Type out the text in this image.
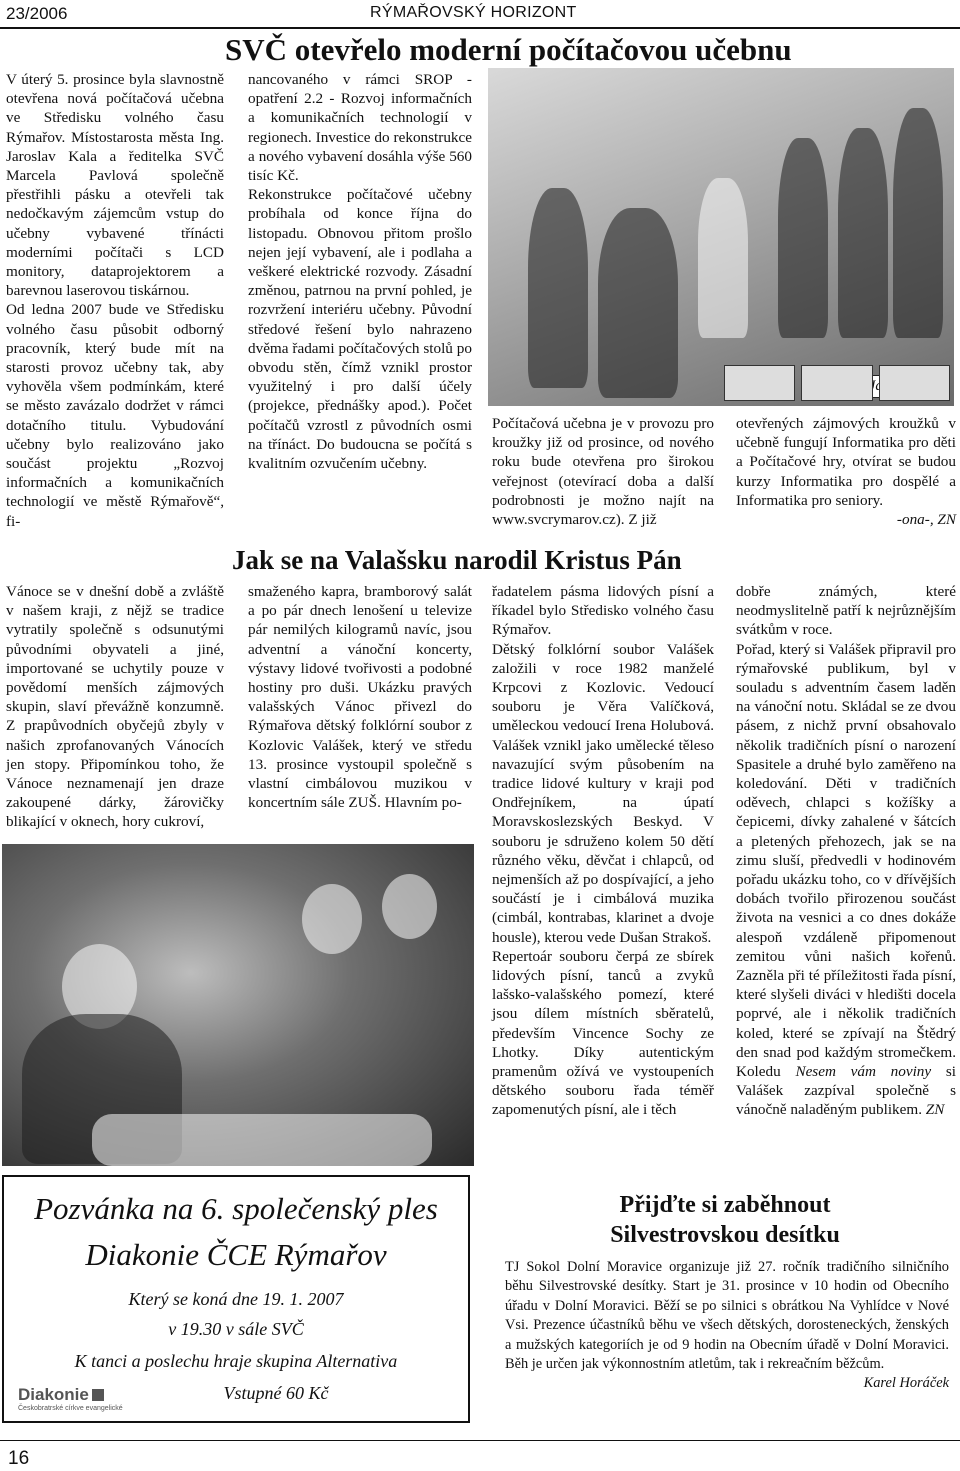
23/2006	RÝMAŘOVSKÝ HORIZONT
SVČ otevřelo moderní počítačovou učebnu

V úterý 5. prosince byla slavnostně otevřena nová počítačová učebna ve Středisku volného času Rýmařov. Místostarosta města Ing. Jaroslav Kala a ředitelka SVČ Marcela Pavlová společně přestřihli pásku a otevřeli tak nedočkavým zájemcům vstup do učebny vybavené třínácti moderními počítači s LCD monitory, dataprojektorem a barevnou laserovou tiskárnou.

Od ledna 2007 bude ve Středisku volného času působit odborný pracovník, který bude mít na starosti provoz učebny tak, aby vyhověla všem podmínkám, které se město zavázalo dodržet v rámci dotačního titulu. Vybudování učebny bylo realizováno jako součást projektu „Rozvoj informačních a komunikačních technologií ve městě Rýmařově“, fi-

nancovaného v rámci SROP - opatření 2.2 - Rozvoj informačních a komunikačních technologií v regionech. Investice do rekonstrukce a nového vybavení dosáhla výše 560 tisíc Kč.

Rekonstrukce počítačové učebny probíhala od konce října do listopadu. Obnovou přitom prošlo nejen její vybavení, ale i podlaha a veškeré elektrické rozvody. Zásadní změnou, patrnou na první pohled, je rozvržení interiéru učebny. Původní středové řešení bylo nahrazeno dvěma řadami počítačových stolů po obvodu stěn, čímž vznikl prostor využitelný i pro další účely (projekce, přednášky apod.). Počet počítačů vzrostl z původních osmi na třínáct. Do budoucna se počítá s kvalitním ozvučením učebny.

Počítačová učebna je v provozu pro kroužky již od prosince, od nového roku bude otevřena pro širokou veřejnost (otevírací doba a další podrobnosti je možno najít na www.svcrymarov.cz). Z již

otevřených zájmových kroužků v učebně fungují Informatika pro děti a Počítačové hry, otvírat se budou kurzy Informatika pro dospělé a Informatika pro seniory.

-ona-, ZN
Jak se na Valašsku narodil Kristus Pán

Vánoce se v dnešní době a zvláště v našem kraji, z nějž se tradice vytratily společně s odsunutými původními obyvateli a jiné, importované se uchytily pouze v povědomí menších zájmových skupin, slaví převážně konzumně. Z prapůvodních obyčejů zbyly v našich zprofanovaných Vánocích jen stopy. Připomínkou toho, že Vánoce neznamenají jen draze zakoupené dárky, žárovičky blikající v oknech, hory cukroví,

smaženého kapra, bramborový salát a po pár dnech lenošení u televize pár nemilých kilogramů navíc, jsou adventní a vánoční koncerty, výstavy lidové tvořivosti a podobné hostiny pro duši. Ukázku pravých valašských Vánoc přivezl do Rýmařova dětský folklórní soubor z Kozlovic Valášek, který ve středu 13. prosince vystoupil společně s vlastní cimbálovou muzikou v koncertním sále ZUŠ. Hlavním po-

řadatelem pásma lidových písní a říkadel bylo Středisko volného času Rýmařov.

Dětský folklórní soubor Valášek založili v roce 1982 manželé Krpcovi z Kozlovic. Vedoucí souboru je Věra Valíčková, uměleckou vedoucí Irena Holubová. Valášek vznikl jako umělecké těleso navazující svým působením na tradice lidové kultury v kraji pod Ondřejníkem, na úpatí Moravskoslezských Beskyd. V souboru je sdruženo kolem 50 dětí různého věku, děvčat i chlapců, od nejmenších až po dospívající, a jeho součástí je i cimbálová muzika (cimbál, kontrabas, klarinet a dvoje housle), kterou vede Dušan Strakoš.

Repertoár souboru čerpá ze sbírek lidových písní, tanců a zvyků lašsko-valašského pomezí, které jsou dílem místních sběratelů, především Vincence Sochy ze Lhotky. Díky autentickým pramenům ožívá ve vystoupeních dětského souboru řada téměř zapomenutých písní, ale i těch

dobře známých, které neodmyslitelně patří k nejrůznějším svátkům v roce.

Pořad, který si Valášek připravil pro rýmařovské publikum, byl v souladu s adventním časem laděn na vánoční notu. Skládal se ze dvou pásem, z nichž první obsahovalo několik tradičních písní o narození Spasitele a druhé bylo zaměřeno na koledování. Děti v tradičních oděvech, chlapci s kožíšky a čepicemi, dívky zahalené v šátcích a pletených přehozech, jak se na zimu sluší, předvedli v hodinovém pořadu ukázku toho, co v dřívějších dobách tvořilo přirozenou součást života na vesnici a co dnes dokáže alespoň vzdáleně připomenout zemitou vůni našich kořenů. Zazněla při té příležitosti řada písní, které slyšeli diváci v hledišti docela poprvé, ale i několik tradičních koled, které se zpívají na Štědrý den snad pod každým stromečkem. Koledu Nesem vám noviny si Valášek zazpíval společně s vánočně naladěným publikem. ZN

Pozvánka na 6. společenský ples
Diakonie ČCE Rýmařov
Který se koná dne 19. 1. 2007
v 19.30 v sále SVČ
K tanci a poslechu hraje skupina Alternativa
Vstupné 60 Kč
Diakonie
Českobratrské církve evangelické
Přijďte si zaběhnout
Silvestrovskou desítku

TJ Sokol Dolní Moravice organizuje již 27. ročník tradičního silničního běhu Silvestrovské desítky. Start je 31. prosince v 10 hodin od Obecního úřadu v Dolní Moravici. Běží se po silnici s obrátkou Na Vyhlídce v Nové Vsi. Prezence účastníků běhu ve všech dětských, dorosteneckých, ženských a mužských kategoriích je od 9 hodin na Obecním úřadě v Dolní Moravici. Běh je určen jak výkonnostním atletům, tak i rekreačním běžcům.
Karel Horáček

16
